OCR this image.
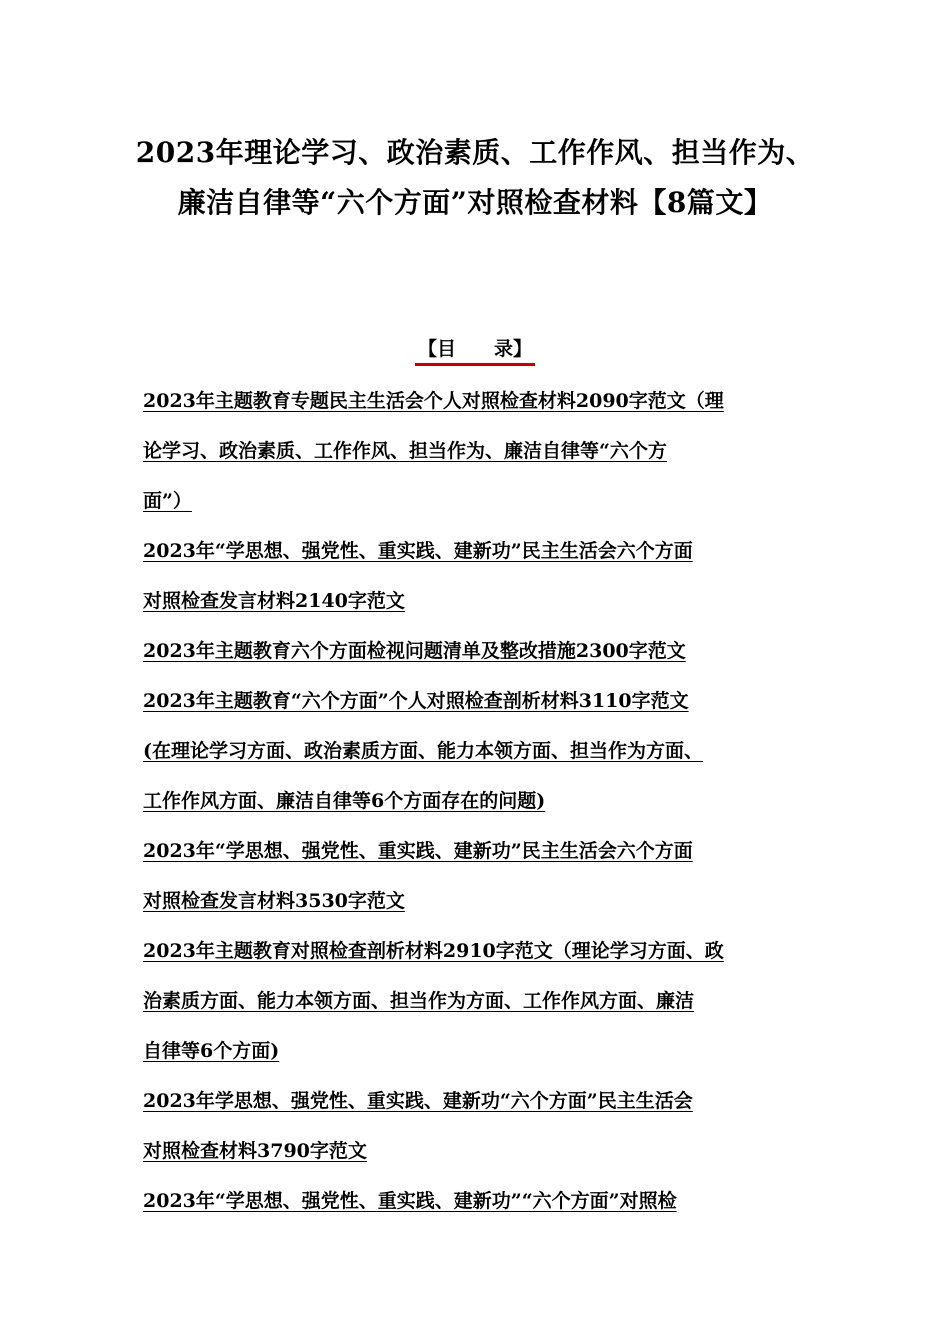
2023年理论学习、政治素质、工作作风、担当作为、
廉洁自律等“六个方面”对照检查材料【8篇文】
【目　　录】
2023年主题教育专题民主生活会个人对照检查材料2090字范文（理
论学习、政治素质、工作作风、担当作为、廉洁自律等“六个方
面”）
2023年“学思想、强党性、重实践、建新功”民主生活会六个方面
对照检查发言材料2140字范文
2023年主题教育六个方面检视问题清单及整改措施2300字范文
2023年主题教育“六个方面”个人对照检查剖析材料3110字范文
(在理论学习方面、政治素质方面、能力本领方面、担当作为方面、
工作作风方面、廉洁自律等6个方面存在的问题)
2023年“学思想、强党性、重实践、建新功”民主生活会六个方面
对照检查发言材料3530字范文
2023年主题教育对照检查剖析材料2910字范文（理论学习方面、政
治素质方面、能力本领方面、担当作为方面、工作作风方面、廉洁
自律等6个方面)
2023年学思想、强党性、重实践、建新功“六个方面”民主生活会
对照检查材料3790字范文
2023年“学思想、强党性、重实践、建新功”“六个方面”对照检
